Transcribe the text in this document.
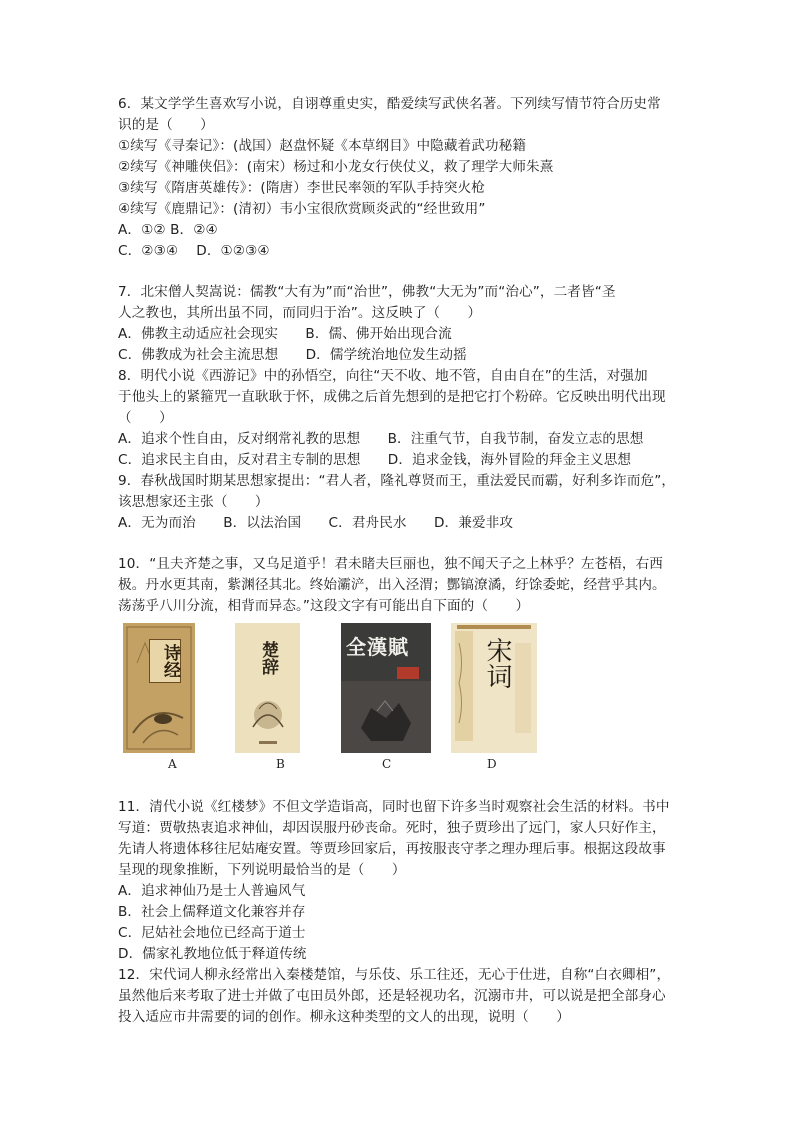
6．某文学学生喜欢写小说，自诩尊重史实，酷爱续写武侠名著。下列续写情节符合历史常
识的是（　　）
①续写《寻秦记》：(战国）赵盘怀疑《本草纲目》中隐藏着武功秘籍
②续写《神雕侠侣》：(南宋）杨过和小龙女行侠仗义，救了理学大师朱熹
③续写《隋唐英雄传》：(隋唐）李世民率领的军队手持突火枪
④续写《鹿鼎记》：(清初）韦小宝很欣赏顾炎武的“经世致用”
A．①② B．②④
C．②③④　 D．①②③④
7．北宋僧人契嵩说：儒教“大有为”而“治世”，佛教“大无为”而“治心”，二者皆“圣
人之教也，其所出虽不同，而同归于治”。这反映了（　　）
A．佛教主动适应社会现实　　B．儒、佛开始出现合流
C．佛教成为社会主流思想　　D．儒学统治地位发生动摇
8．明代小说《西游记》中的孙悟空，向往“天不收、地不管，自由自在”的生活，对强加
于他头上的紧箍咒一直耿耿于怀，成佛之后首先想到的是把它打个粉碎。它反映出明代出现
（　　）
A．追求个性自由，反对纲常礼教的思想　　B．注重气节，自我节制，奋发立志的思想
C．追求民主自由，反对君主专制的思想　　D．追求金钱，海外冒险的拜金主义思想
9．春秋战国时期某思想家提出：“君人者，隆礼尊贤而王，重法爱民而霸，好利多诈而危”，
该思想家还主张（　　）
A．无为而治　　B．以法治国　　C．君舟民水　　D．兼爱非攻
10．“且夫齐楚之事，又乌足道乎！君未睹夫巨丽也，独不闻天子之上林乎？左苍梧，右西
极。丹水更其南，紫渊径其北。终始灞浐，出入泾渭；酆镐潦潏，纡馀委蛇，经营乎其内。
荡荡乎八川分流，相背而异态。”这段文字有可能出自下面的（　　）
诗经	楚辞	全漢賦	宋词
A	B	C	D
11．清代小说《红楼梦》不但文学造诣高，同时也留下许多当时观察社会生活的材料。书中
写道：贾敬热衷追求神仙，却因误服丹砂丧命。死时，独子贾珍出了远门，家人只好作主，
先请人将遗体移往尼姑庵安置。等贾珍回家后，再按服丧守孝之理办理后事。根据这段故事
呈现的现象推断，下列说明最恰当的是（　　）
A．追求神仙乃是士人普遍风气
B．社会上儒释道文化兼容并存
C．尼姑社会地位已经高于道士
D．儒家礼教地位低于释道传统
12．宋代词人柳永经常出入秦楼楚馆，与乐伎、乐工往还，无心于仕进，自称“白衣卿相”，
虽然他后来考取了进士并做了屯田员外郎，还是轻视功名，沉溺市井，可以说是把全部身心
投入适应市井需要的词的创作。柳永这种类型的文人的出现，说明（　　）
